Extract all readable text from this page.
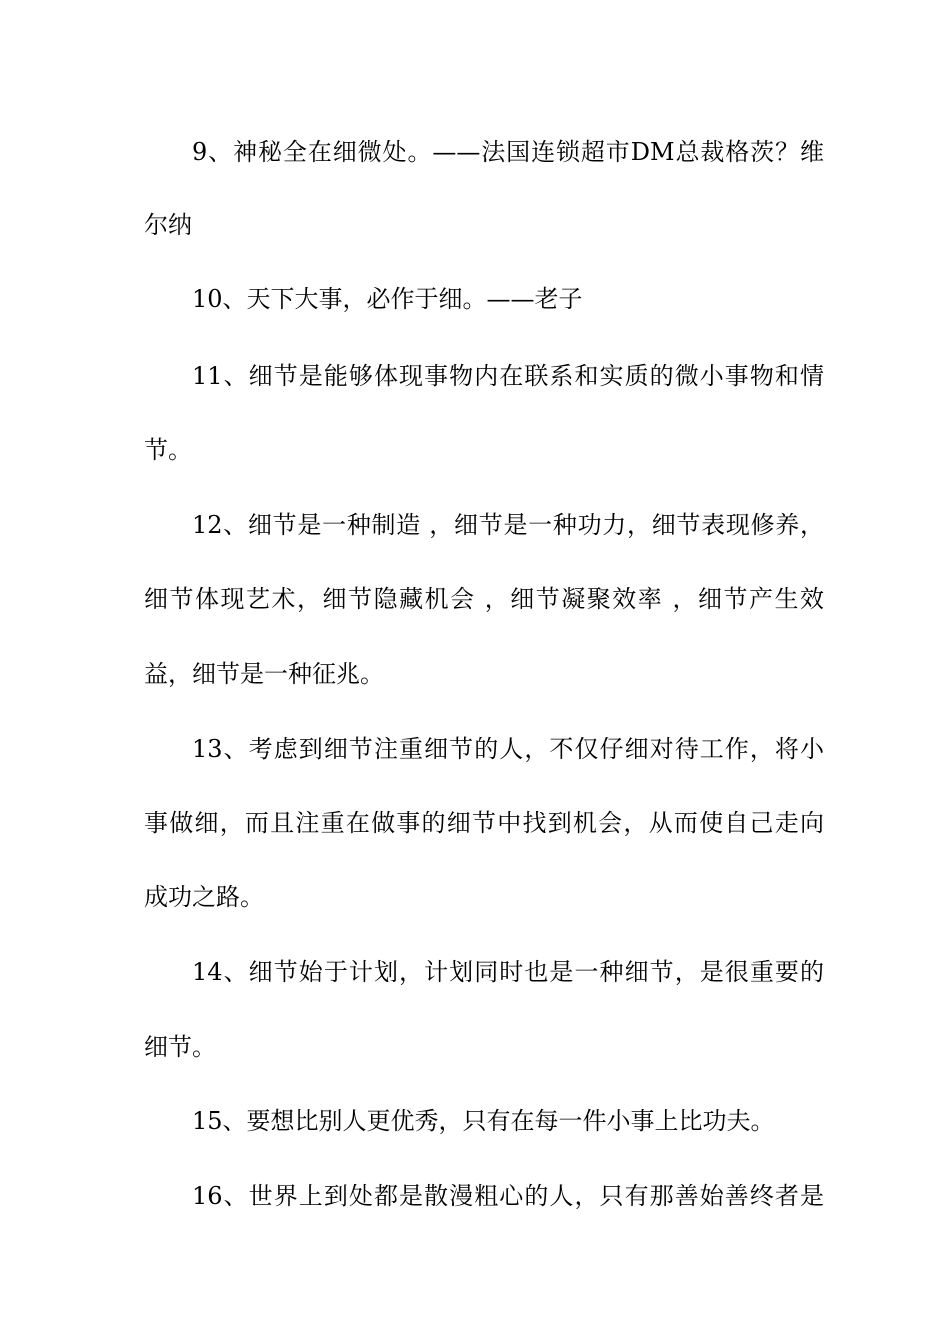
9、神秘全在细微处。——法国连锁超市DM总裁格茨？维
尔纳
10、天下大事，必作于细。——老子
11、细节是能够体现事物内在联系和实质的微小事物和情
节。
12、细节是一种制造 ，细节是一种功力，细节表现修养，
细节体现艺术，细节隐藏机会 ，细节凝聚效率 ，细节产生效
益，细节是一种征兆。
13、考虑到细节注重细节的人，不仅仔细对待工作，将小
事做细，而且注重在做事的细节中找到机会，从而使自己走向
成功之路。
14、细节始于计划，计划同时也是一种细节，是很重要的
细节。
15、要想比别人更优秀，只有在每一件小事上比功夫。
16、世界上到处都是散漫粗心的人，只有那善始善终者是
